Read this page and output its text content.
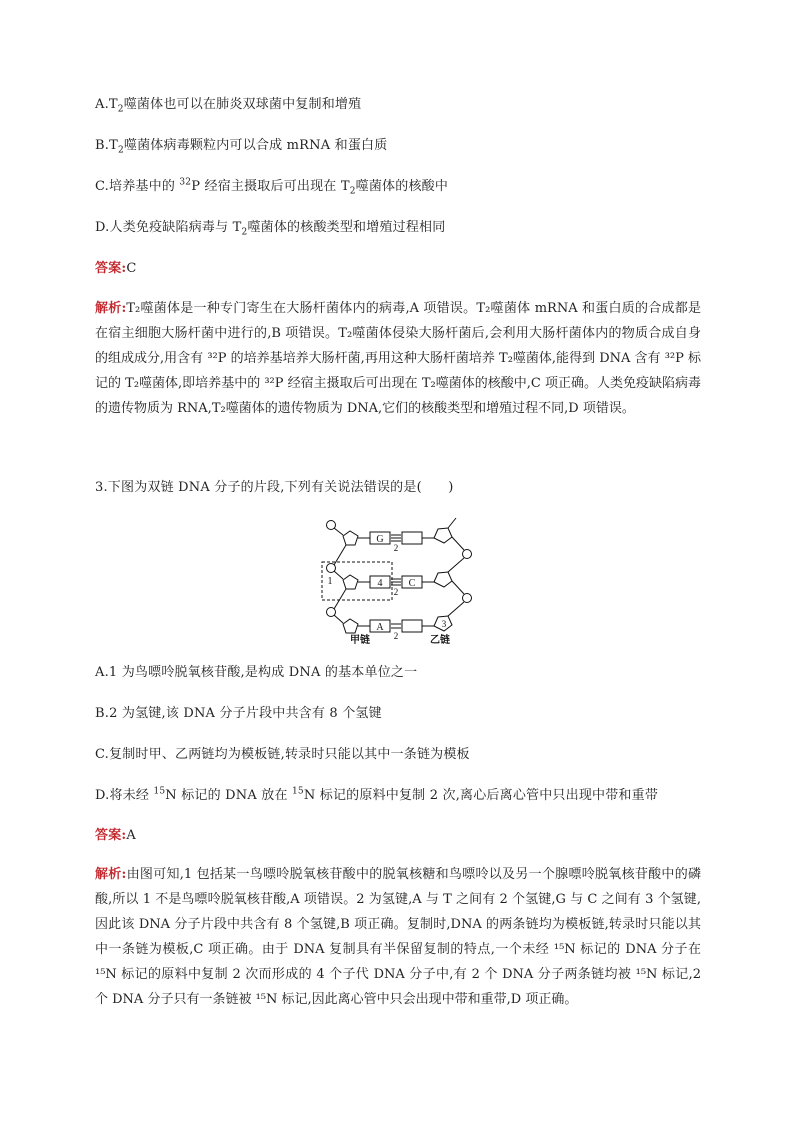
$A.T_2$噬菌体也可以在肺炎双球菌中复制和增殖
$B.T_2$噬菌体病毒颗粒内可以合成 mRNA 和蛋白质
C.培养基中的 $^{32}$P 经宿主摄取后可出现在 $T_2$噬菌体的核酸中
D.人类免疫缺陷病毒与 $T_2$噬菌体的核酸类型和增殖过程相同
答案:C
解析:T₂噬菌体是一种专门寄生在大肠杆菌体内的病毒,A 项错误。T₂噬菌体 mRNA 和蛋白质的合成都是在宿主细胞大肠杆菌中进行的,B 项错误。T₂噬菌体侵染大肠杆菌后,会利用大肠杆菌体内的物质合成自身的组成成分,用含有 ³²P 的培养基培养大肠杆菌,再用这种大肠杆菌培养 T₂噬菌体,能得到 DNA 含有 ³²P 标记的 T₂噬菌体,即培养基中的 ³²P 经宿主摄取后可出现在 T₂噬菌体的核酸中,C 项正确。人类免疫缺陷病毒的遗传物质为 RNA,T₂噬菌体的遗传物质为 DNA,它们的核酸类型和增殖过程不同,D 项错误。
3.下图为双链 DNA 分子的片段,下列有关说法错误的是(　　)
G
4	C
A
1
2
2
2
3
甲链	乙链
A.1 为鸟嘌呤脱氧核苷酸,是构成 DNA 的基本单位之一
B.2 为氢键,该 DNA 分子片段中共含有 8 个氢键
C.复制时甲、乙两链均为模板链,转录时只能以其中一条链为模板
D.将未经 $^{15}$N 标记的 DNA 放在 $^{15}$N 标记的原料中复制 2 次,离心后离心管中只出现中带和重带
答案:A
解析:由图可知,1 包括某一鸟嘌呤脱氧核苷酸中的脱氧核糖和鸟嘌呤以及另一个腺嘌呤脱氧核苷酸中的磷酸,所以 1 不是鸟嘌呤脱氧核苷酸,A 项错误。2 为氢键,A 与 T 之间有 2 个氢键,G 与 C 之间有 3 个氢键,因此该 DNA 分子片段中共含有 8 个氢键,B 项正确。复制时,DNA 的两条链均为模板链,转录时只能以其中一条链为模板,C 项正确。由于 DNA 复制具有半保留复制的特点,一个未经 ¹⁵N 标记的 DNA 分子在 ¹⁵N 标记的原料中复制 2 次而形成的 4 个子代 DNA 分子中,有 2 个 DNA 分子两条链均被 ¹⁵N 标记,2 个 DNA 分子只有一条链被 ¹⁵N 标记,因此离心管中只会出现中带和重带,D 项正确。
